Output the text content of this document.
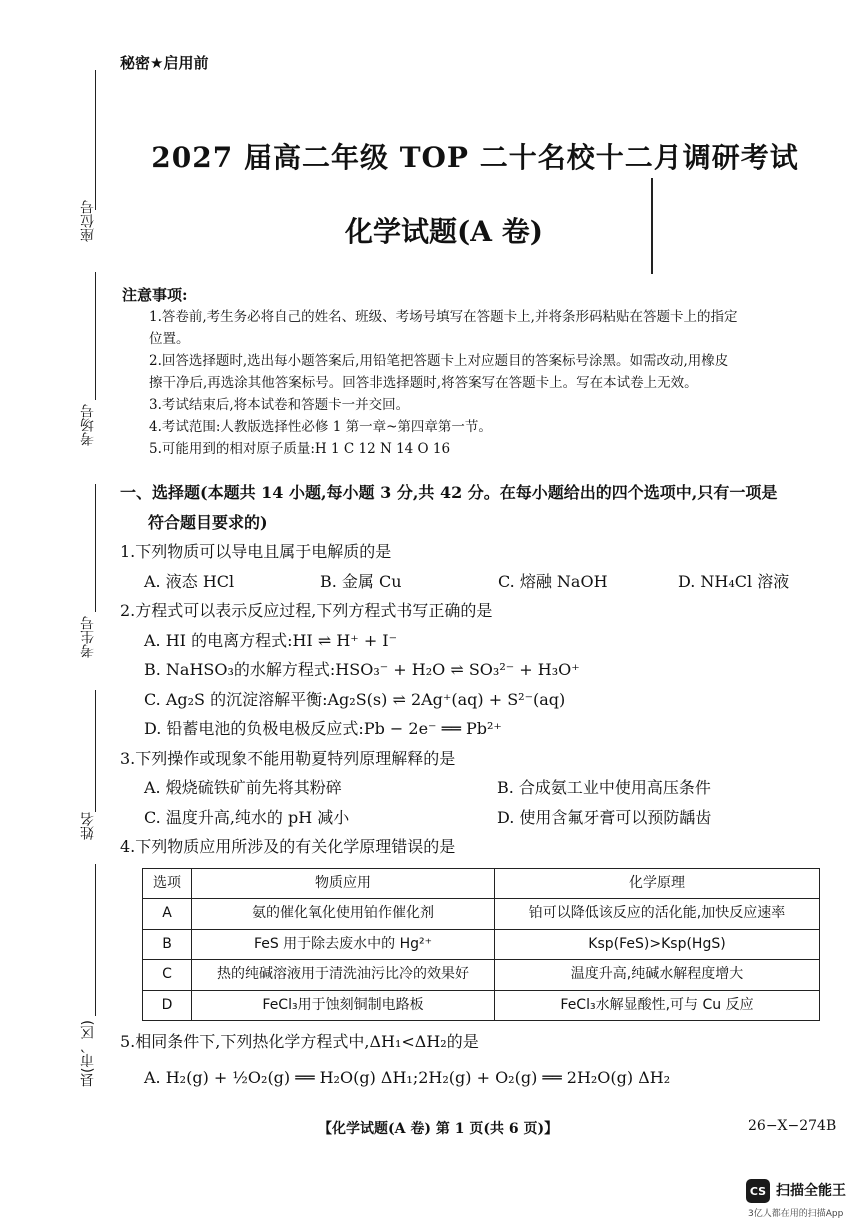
座位号
考场号
考生号
姓名
县(市、区)
秘密★启用前
2027 届高二年级 TOP 二十名校十二月调研考试
化学试题(A 卷)
注意事项:

1.答卷前,考生务必将自己的姓名、班级、考场号填写在答题卡上,并将条形码粘贴在答题卡上的指定

位置。

2.回答选择题时,选出每小题答案后,用铅笔把答题卡上对应题目的答案标号涂黑。如需改动,用橡皮

擦干净后,再选涂其他答案标号。回答非选择题时,将答案写在答题卡上。写在本试卷上无效。

3.考试结束后,将本试卷和答题卡一并交回。

4.考试范围:人教版选择性必修 1 第一章~第四章第一节。

5.可能用到的相对原子质量:H 1 C 12 N 14 O 16

一、选择题(本题共 14 小题,每小题 3 分,共 42 分。在每小题给出的四个选项中,只有一项是
符合题目要求的)
1.下列物质可以导电且属于电解质的是
A. 液态 HCl	B. 金属 Cu	C. 熔融 NaOH	D. NH₄Cl 溶液
2.方程式可以表示反应过程,下列方程式书写正确的是
A. HI 的电离方程式:HI ⇌ H⁺ + I⁻
B. NaHSO₃的水解方程式:HSO₃⁻ + H₂O ⇌ SO₃²⁻ + H₃O⁺
C. Ag₂S 的沉淀溶解平衡:Ag₂S(s) ⇌ 2Ag⁺(aq) + S²⁻(aq)
D. 铅蓄电池的负极电极反应式:Pb − 2e⁻ ══ Pb²⁺
3.下列操作或现象不能用勒夏特列原理解释的是
A. 煅烧硫铁矿前先将其粉碎	B. 合成氨工业中使用高压条件
C. 温度升高,纯水的 pH 减小	D. 使用含氟牙膏可以预防龋齿
4.下列物质应用所涉及的有关化学原理错误的是
选项	物质应用	化学原理
A	氨的催化氧化使用铂作催化剂	铂可以降低该反应的活化能,加快反应速率
B	FeS 用于除去废水中的 Hg²⁺	Ksp(FeS)>Ksp(HgS)
C	热的纯碱溶液用于清洗油污比冷的效果好	温度升高,纯碱水解程度增大
D	FeCl₃用于蚀刻铜制电路板	FeCl₃水解显酸性,可与 Cu 反应
5.相同条件下,下列热化学方程式中,ΔH₁<ΔH₂的是
A. H₂(g) + ½O₂(g) ══ H₂O(g) ΔH₁;2H₂(g) + O₂(g) ══ 2H₂O(g) ΔH₂
【化学试题(A 卷) 第 1 页(共 6 页)】	26−X−274B
CS 扫描全能王
3亿人都在用的扫描App
